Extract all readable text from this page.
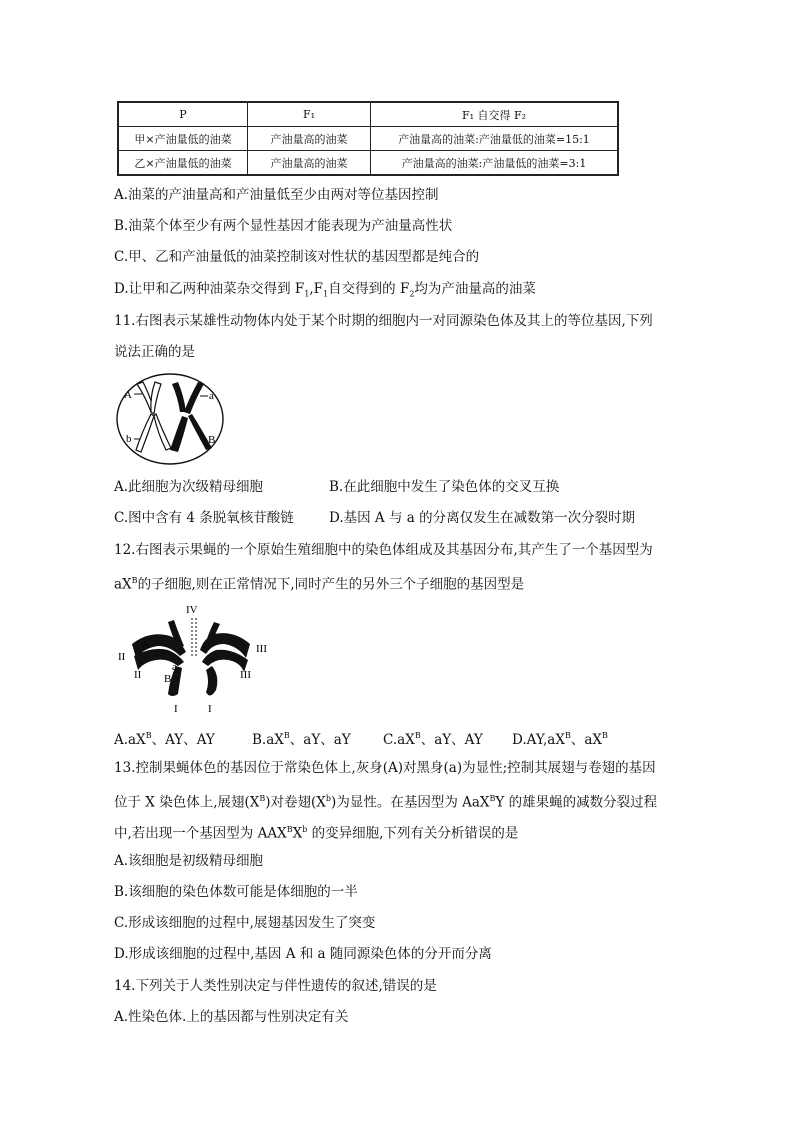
P	F₁	F₁ 自交得 F₂
甲×产油量低的油菜	产油量高的油菜	产油量高的油菜:产油量低的油菜=15:1
乙×产油量低的油菜	产油量高的油菜	产油量高的油菜:产油量低的油菜=3:1
A.油菜的产油量高和产油量低至少由两对等位基因控制
B.油菜个体至少有两个显性基因才能表现为产油量高性状
C.甲、乙和产油量低的油菜控制该对性状的基因型都是纯合的
D.让甲和乙两种油菜杂交得到 $F_1,F_1$自交得到的 $F_2$均为产油量高的油菜
11.右图表示某雄性动物体内处于某个时期的细胞内一对同源染色体及其上的等位基因,下列
说法正确的是
A	a
b	B
A.此细胞为次级精母细胞	B.在此细胞中发生了染色体的交叉互换
C.图中含有 4 条脱氧核苷酸链	D.基因 A 与 a 的分离仅发生在减数第一次分裂时期
12.右图表示果蝇的一个原始生殖细胞中的染色体组成及其基因分布,其产生了一个基因型为
$aX^B$的子细胞,则在正常情况下,同时产生的另外三个子细胞的基因型是
IV
A
II
II
a
B
III
III
I	I
$A.aX^B$、AY、AY	$B.aX^B$、aY、aY $C.aX^B$、aY、AY $D.AY,aX^B$、$aX^B$
13.控制果蝇体色的基因位于常染色体上,灰身(A)对黑身(a)为显性;控制其展翅与卷翅的基因
位于 X 染色体上,展翅$(X^B)$对卷翅$(X^b)$为显性。在基因型为 AaX$^B$Y 的雄果蝇的减数分裂过程
中,若出现一个基因型为 $AAX^BX^b$ 的变异细胞,下列有关分析错误的是
A.该细胞是初级精母细胞
B.该细胞的染色体数可能是体细胞的一半
C.形成该细胞的过程中,展翅基因发生了突变
D.形成该细胞的过程中,基因 A 和 a 随同源染色体的分开而分离
14.下列关于人类性别决定与伴性遗传的叙述,错误的是
A.性染色体.上的基因都与性别决定有关
